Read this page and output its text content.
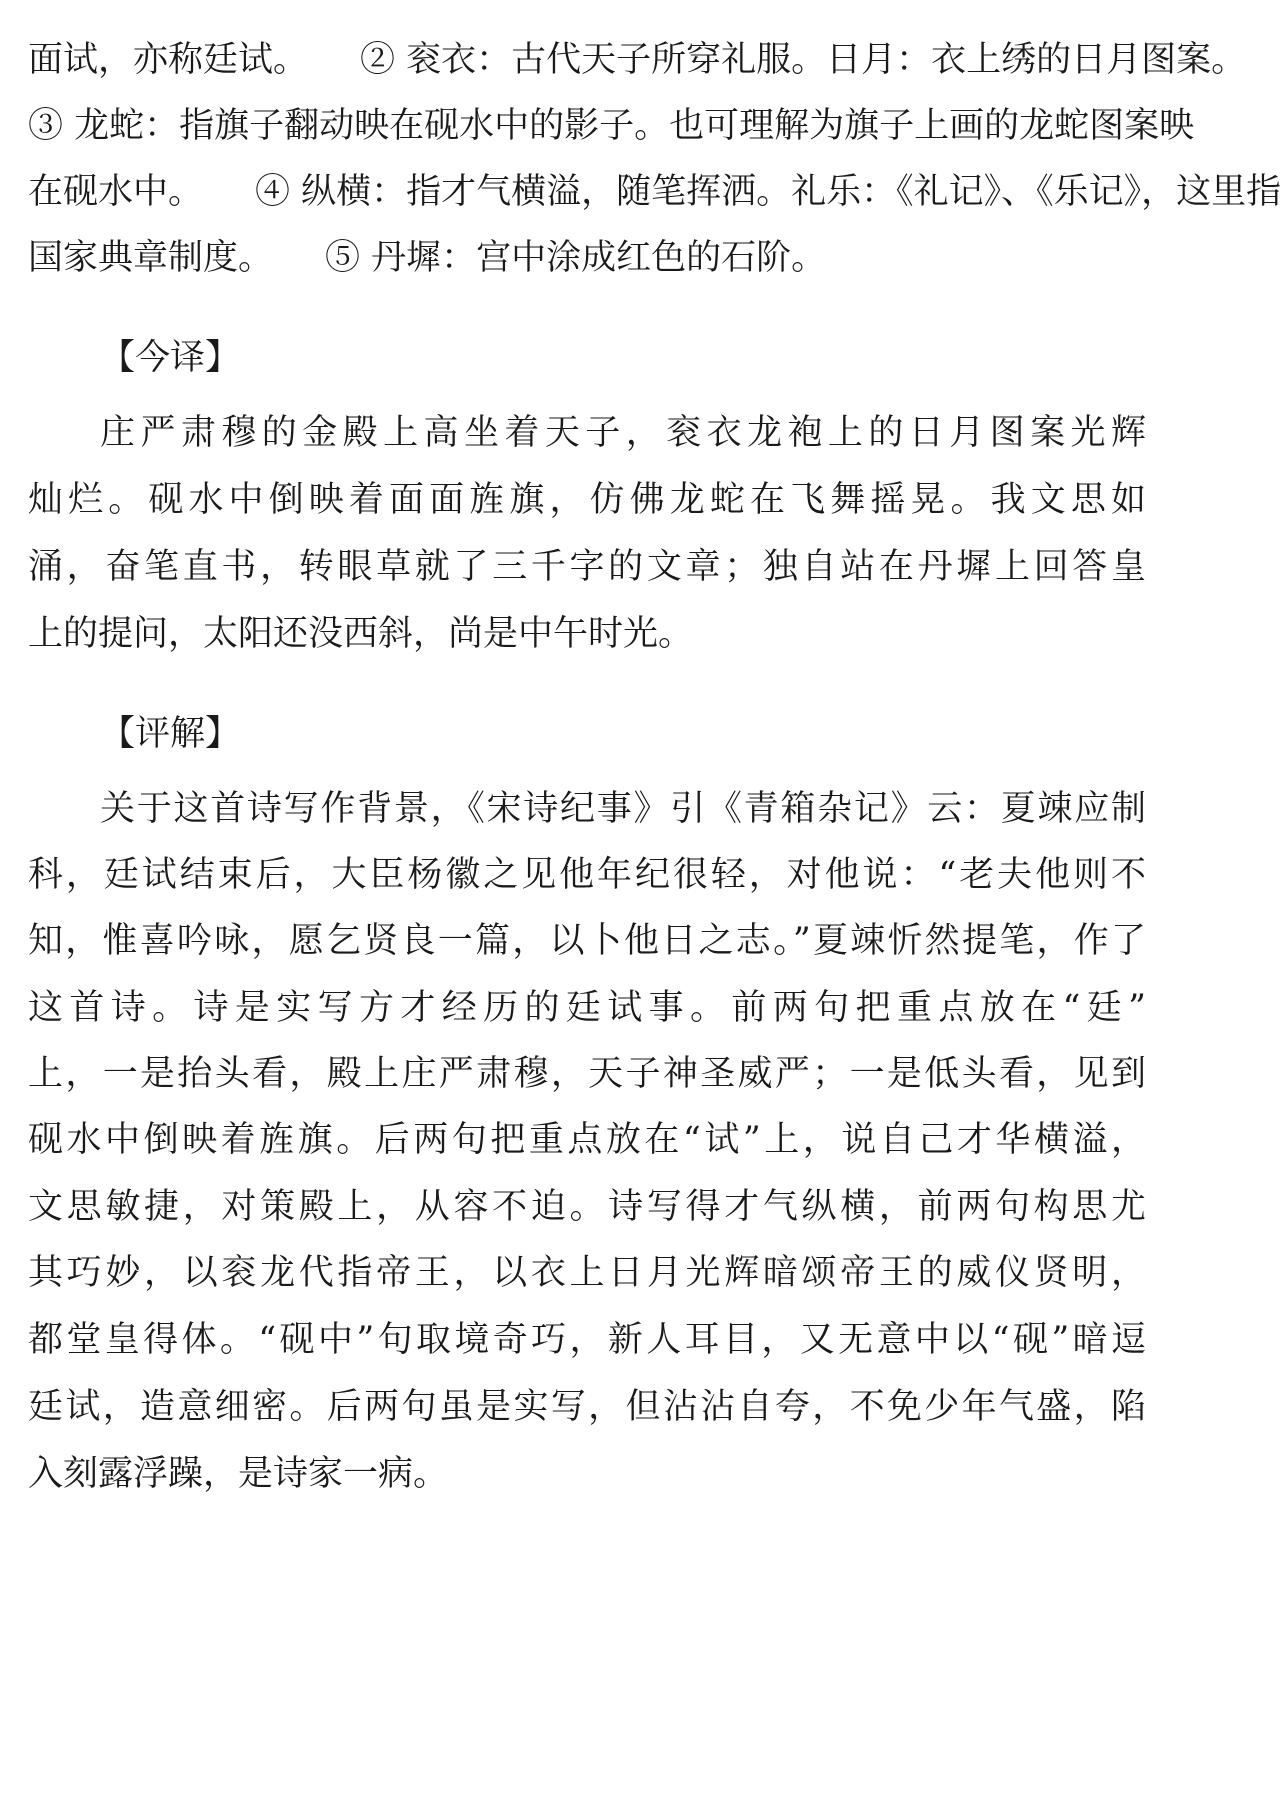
面试，亦称廷试。 ② 衮衣：古代天子所穿礼服。日月：衣上绣的日月图案。
③ 龙蛇：指旗子翻动映在砚水中的影子。也可理解为旗子上画的龙蛇图案映
在砚水中。 ④ 纵横：指才气横溢，随笔挥洒。礼乐：《礼记》、《乐记》，这里指
国家典章制度。 ⑤ 丹墀：宫中涂成红色的石阶。
【今译】
庄严肃穆的金殿上高坐着天子，衮衣龙袍上的日月图案光辉
灿烂。砚水中倒映着面面旌旗，仿佛龙蛇在飞舞摇晃。我文思如
涌，奋笔直书，转眼草就了三千字的文章；独自站在丹墀上回答皇
上的提问，太阳还没西斜，尚是中午时光。
【评解】
关于这首诗写作背景，《宋诗纪事》引《青箱杂记》云：夏竦应制
科，廷试结束后，大臣杨徽之见他年纪很轻，对他说：“老夫他则不
知，惟喜吟咏，愿乞贤良一篇，以卜他日之志。”夏竦忻然提笔，作了
这首诗。诗是实写方才经历的廷试事。前两句把重点放在“廷”
上，一是抬头看，殿上庄严肃穆，天子神圣威严；一是低头看，见到
砚水中倒映着旌旗。后两句把重点放在“试”上，说自己才华横溢，
文思敏捷，对策殿上，从容不迫。诗写得才气纵横，前两句构思尤
其巧妙，以衮龙代指帝王，以衣上日月光辉暗颂帝王的威仪贤明，
都堂皇得体。“砚中”句取境奇巧，新人耳目，又无意中以“砚”暗逗
廷试，造意细密。后两句虽是实写，但沾沾自夸，不免少年气盛，陷
入刻露浮躁，是诗家一病。
